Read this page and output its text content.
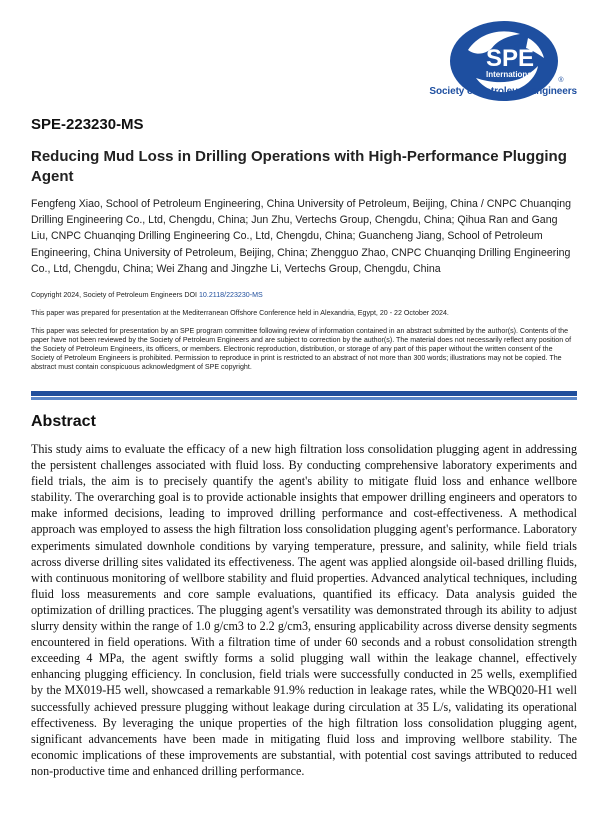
SPE
International
®
Society of Petroleum Engineers
SPE-223230-MS
Reducing Mud Loss in Drilling Operations with High-Performance Plugging Agent
Fengfeng Xiao, School of Petroleum Engineering, China University of Petroleum, Beijing, China / CNPC Chuanqing Drilling Engineering Co., Ltd, Chengdu, China; Jun Zhu, Vertechs Group, Chengdu, China; Qihua Ran and Gang Liu, CNPC Chuanqing Drilling Engineering Co., Ltd, Chengdu, China; Guancheng Jiang, School of Petroleum Engineering, China University of Petroleum, Beijing, China; Zhengguo Zhao, CNPC Chuanqing Drilling Engineering Co., Ltd, Chengdu, China; Wei Zhang and Jingzhe Li, Vertechs Group, Chengdu, China
Copyright 2024, Society of Petroleum Engineers DOI 10.2118/223230-MS
This paper was prepared for presentation at the Mediterranean Offshore Conference held in Alexandria, Egypt, 20 - 22 October 2024.
This paper was selected for presentation by an SPE program committee following review of information contained in an abstract submitted by the author(s). Contents of the paper have not been reviewed by the Society of Petroleum Engineers and are subject to correction by the author(s). The material does not necessarily reflect any position of the Society of Petroleum Engineers, its officers, or members. Electronic reproduction, distribution, or storage of any part of this paper without the written consent of the Society of Petroleum Engineers is prohibited. Permission to reproduce in print is restricted to an abstract of not more than 300 words; illustrations may not be copied. The abstract must contain conspicuous acknowledgment of SPE copyright.
Abstract
This study aims to evaluate the efficacy of a new high filtration loss consolidation plugging agent in addressing the persistent challenges associated with fluid loss. By conducting comprehensive laboratory experiments and field trials, the aim is to precisely quantify the agent's ability to mitigate fluid loss and enhance wellbore stability. The overarching goal is to provide actionable insights that empower drilling engineers and operators to make informed decisions, leading to improved drilling performance and cost-effectiveness. A methodical approach was employed to assess the high filtration loss consolidation plugging agent's performance. Laboratory experiments simulated downhole conditions by varying temperature, pressure, and salinity, while field trials across diverse drilling sites validated its effectiveness. The agent was applied alongside oil-based drilling fluids, with continuous monitoring of wellbore stability and fluid properties. Advanced analytical techniques, including fluid loss measurements and core sample evaluations, quantified its efficacy. Data analysis guided the optimization of drilling practices. The plugging agent's versatility was demonstrated through its ability to adjust slurry density within the range of 1.0 g/cm3 to 2.2 g/cm3, ensuring applicability across diverse density segments encountered in field operations. With a filtration time of under 60 seconds and a robust consolidation strength exceeding 4 MPa, the agent swiftly forms a solid plugging wall within the leakage channel, effectively enhancing plugging efficiency. In conclusion, field trials were successfully conducted in 25 wells, exemplified by the MX019-H5 well, showcased a remarkable 91.9% reduction in leakage rates, while the WBQ020-H1 well successfully achieved pressure plugging without leakage during circulation at 35 L/s, validating its operational effectiveness. By leveraging the unique properties of the high filtration loss consolidation plugging agent, significant advancements have been made in mitigating fluid loss and improving wellbore stability. The economic implications of these improvements are substantial, with potential cost savings attributed to reduced non-productive time and enhanced drilling performance.
